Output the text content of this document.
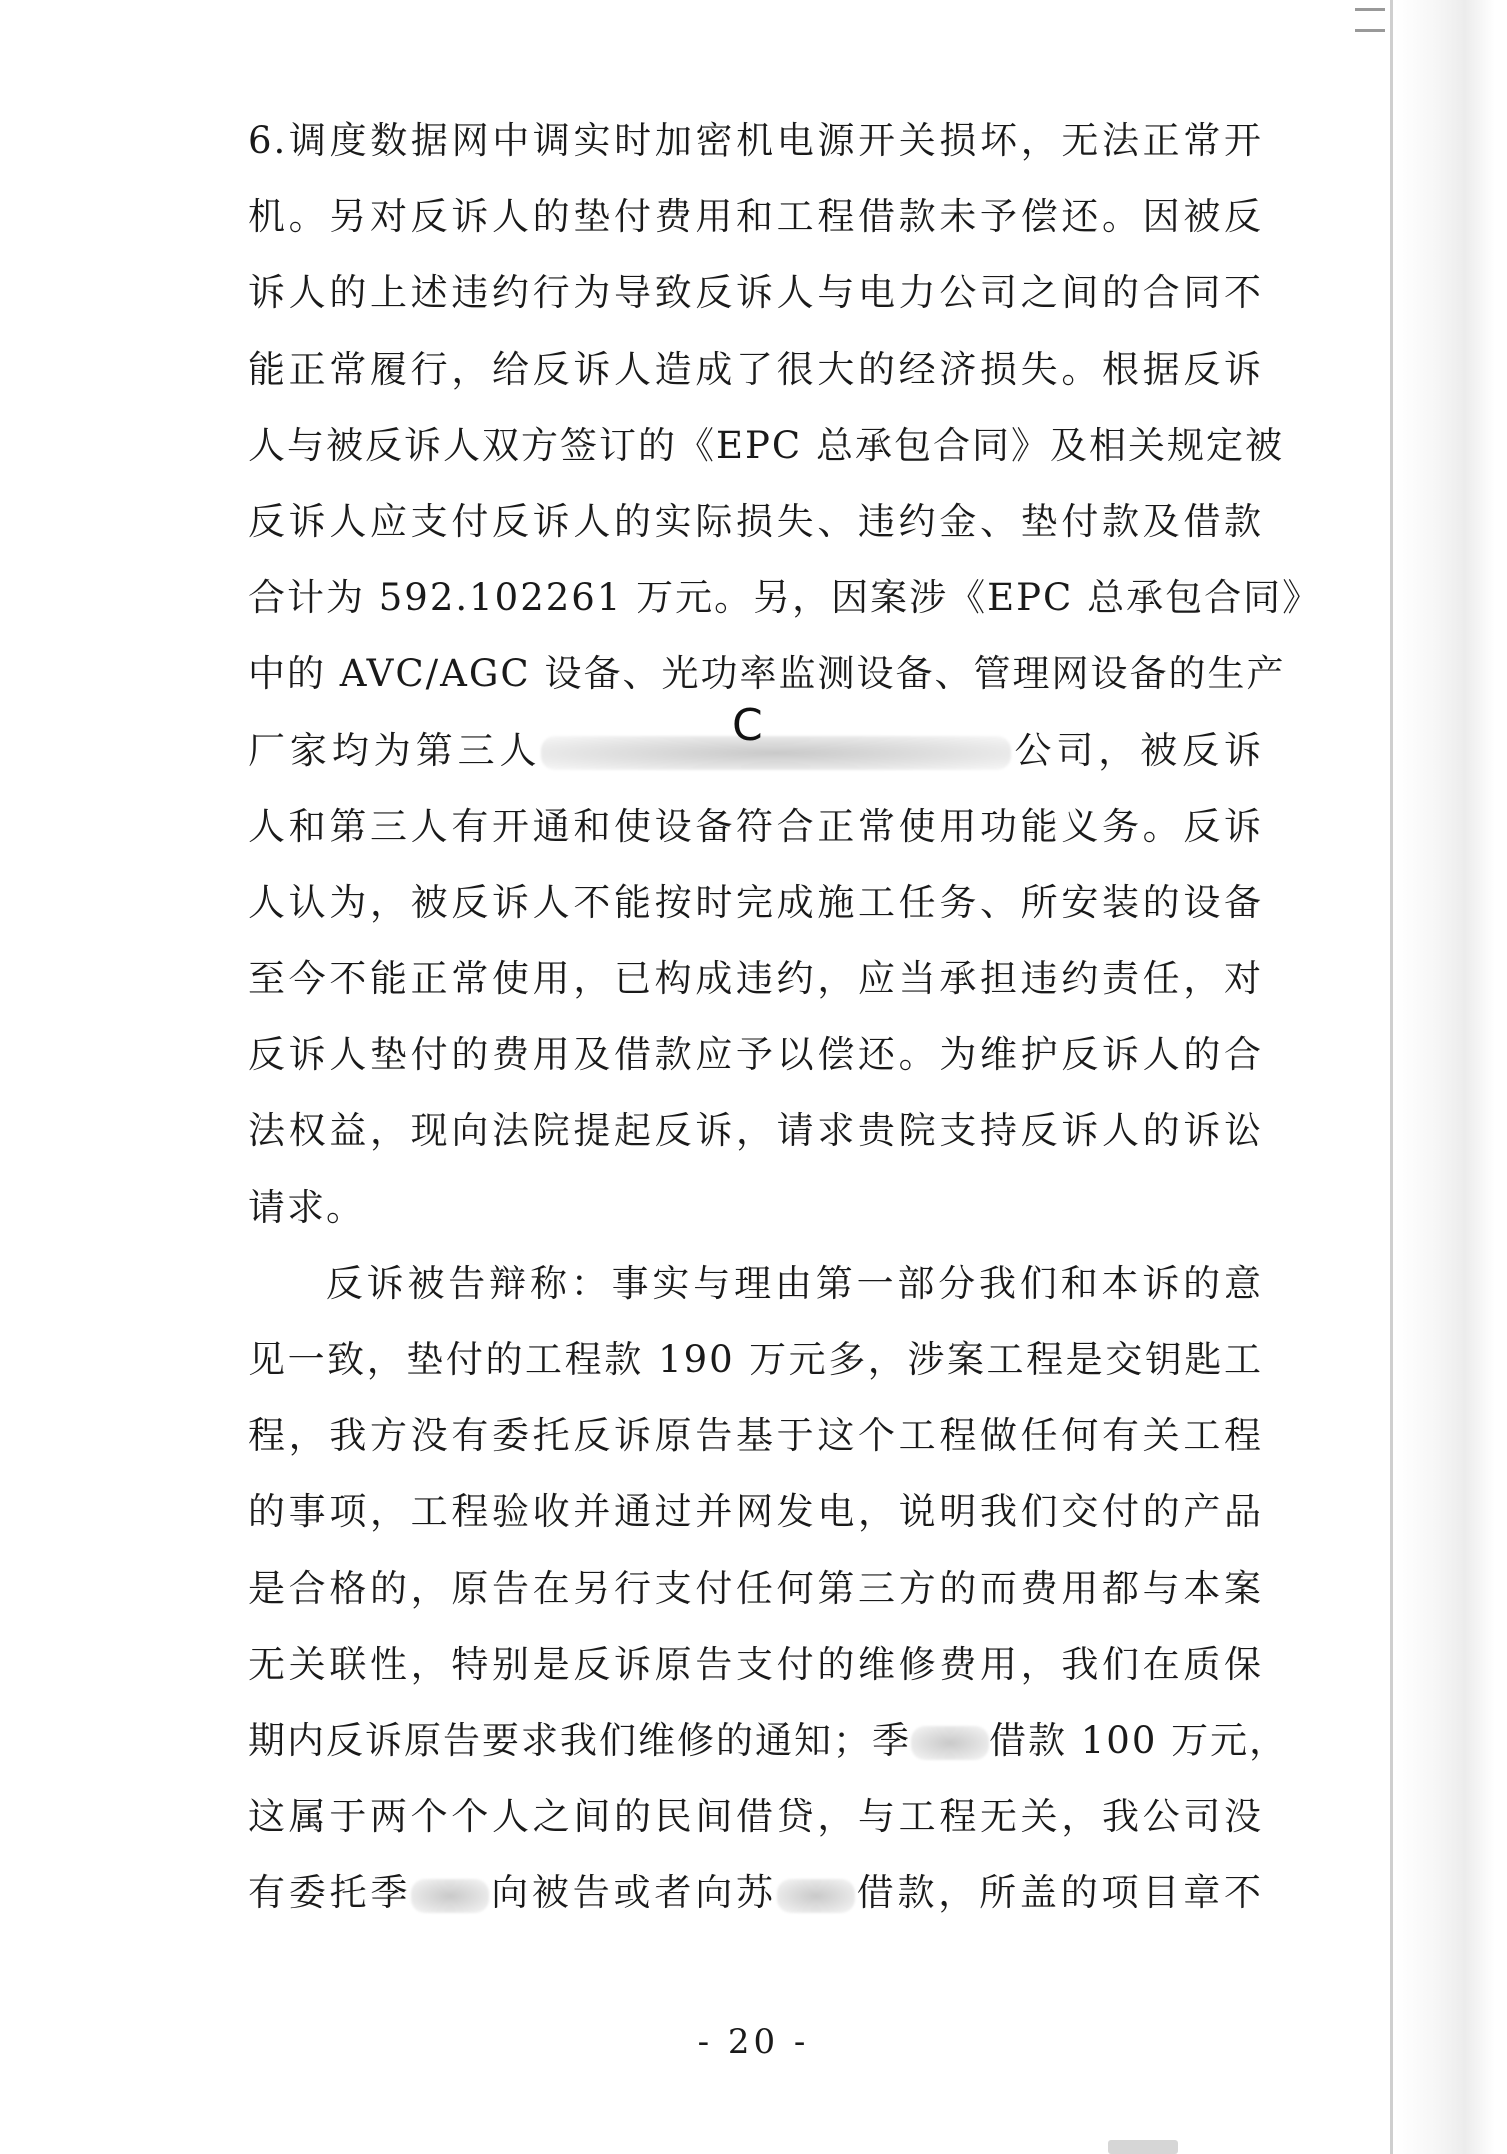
6.调度数据网中调实时加密机电源开关损坏，无法正常开
机。另对反诉人的垫付费用和工程借款未予偿还。因被反
诉人的上述违约行为导致反诉人与电力公司之间的合同不
能正常履行，给反诉人造成了很大的经济损失。根据反诉
人与被反诉人双方签订的《EPC 总承包合同》及相关规定被
反诉人应支付反诉人的实际损失、违约金、垫付款及借款
合计为 592.102261 万元。另，因案涉《EPC 总承包合同》
中的 AVC/AGC 设备、光功率监测设备、管理网设备的生产
厂家均为第三人	公司，被反诉
人和第三人有开通和使设备符合正常使用功能义务。反诉
人认为，被反诉人不能按时完成施工任务、所安装的设备
至今不能正常使用，已构成违约，应当承担违约责任，对
反诉人垫付的费用及借款应予以偿还。为维护反诉人的合
法权益，现向法院提起反诉，请求贵院支持反诉人的诉讼
请求。
反诉被告辩称：事实与理由第一部分我们和本诉的意
见一致，垫付的工程款 190 万元多，涉案工程是交钥匙工
程，我方没有委托反诉原告基于这个工程做任何有关工程
的事项，工程验收并通过并网发电，说明我们交付的产品
是合格的，原告在另行支付任何第三方的而费用都与本案
无关联性，特别是反诉原告支付的维修费用，我们在质保
期内反诉原告要求我们维修的通知；季 借款 100 万元，
这属于两个个人之间的民间借贷，与工程无关，我公司没
有委托季 向被告或者向苏 借款，所盖的项目章不
C
- 20 -
